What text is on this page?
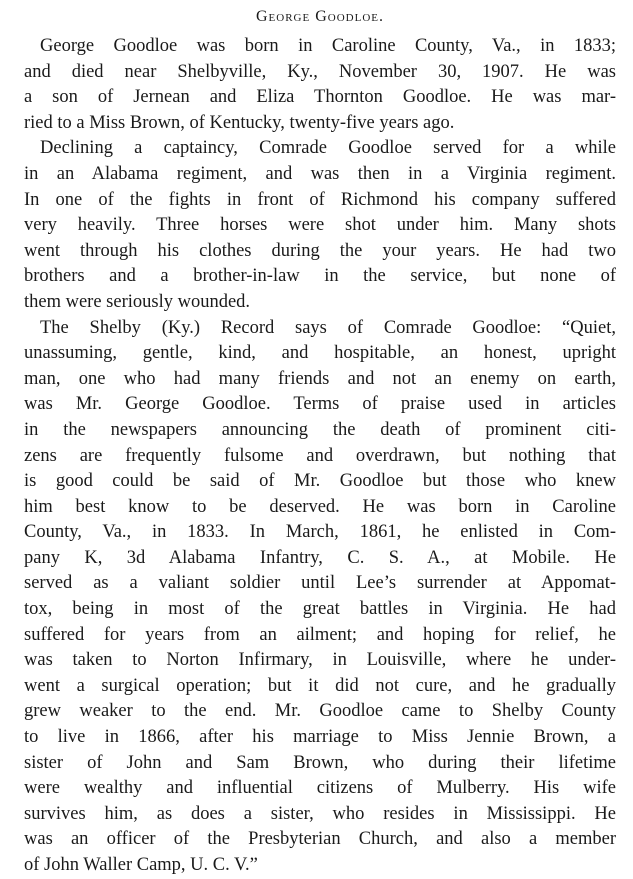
George Goodloe.
George Goodloe was born in Caroline County, Va., in 1833;
and died near Shelbyville, Ky., November 30, 1907. He was
a son of Jernean and Eliza Thornton Goodloe. He was mar-
ried to a Miss Brown, of Kentucky, twenty-five years ago.
Declining a captaincy, Comrade Goodloe served for a while
in an Alabama regiment, and was then in a Virginia regiment.
In one of the fights in front of Richmond his company suffered
very heavily. Three horses were shot under him. Many shots
went through his clothes during the your years. He had two
brothers and a brother-in-law in the service, but none of
them were seriously wounded.
The Shelby (Ky.) Record says of Comrade Goodloe: “Quiet,
unassuming, gentle, kind, and hospitable, an honest, upright
man, one who had many friends and not an enemy on earth,
was Mr. George Goodloe. Terms of praise used in articles
in the newspapers announcing the death of prominent citi-
zens are frequently fulsome and overdrawn, but nothing that
is good could be said of Mr. Goodloe but those who knew
him best know to be deserved. He was born in Caroline
County, Va., in 1833. In March, 1861, he enlisted in Com-
pany K, 3d Alabama Infantry, C. S. A., at Mobile. He
served as a valiant soldier until Lee’s surrender at Appomat-
tox, being in most of the great battles in Virginia. He had
suffered for years from an ailment; and hoping for relief, he
was taken to Norton Infirmary, in Louisville, where he under-
went a surgical operation; but it did not cure, and he gradually
grew weaker to the end. Mr. Goodloe came to Shelby County
to live in 1866, after his marriage to Miss Jennie Brown, a
sister of John and Sam Brown, who during their lifetime
were wealthy and influential citizens of Mulberry. His wife
survives him, as does a sister, who resides in Mississippi. He
was an officer of the Presbyterian Church, and also a member
of John Waller Camp, U. C. V.”
